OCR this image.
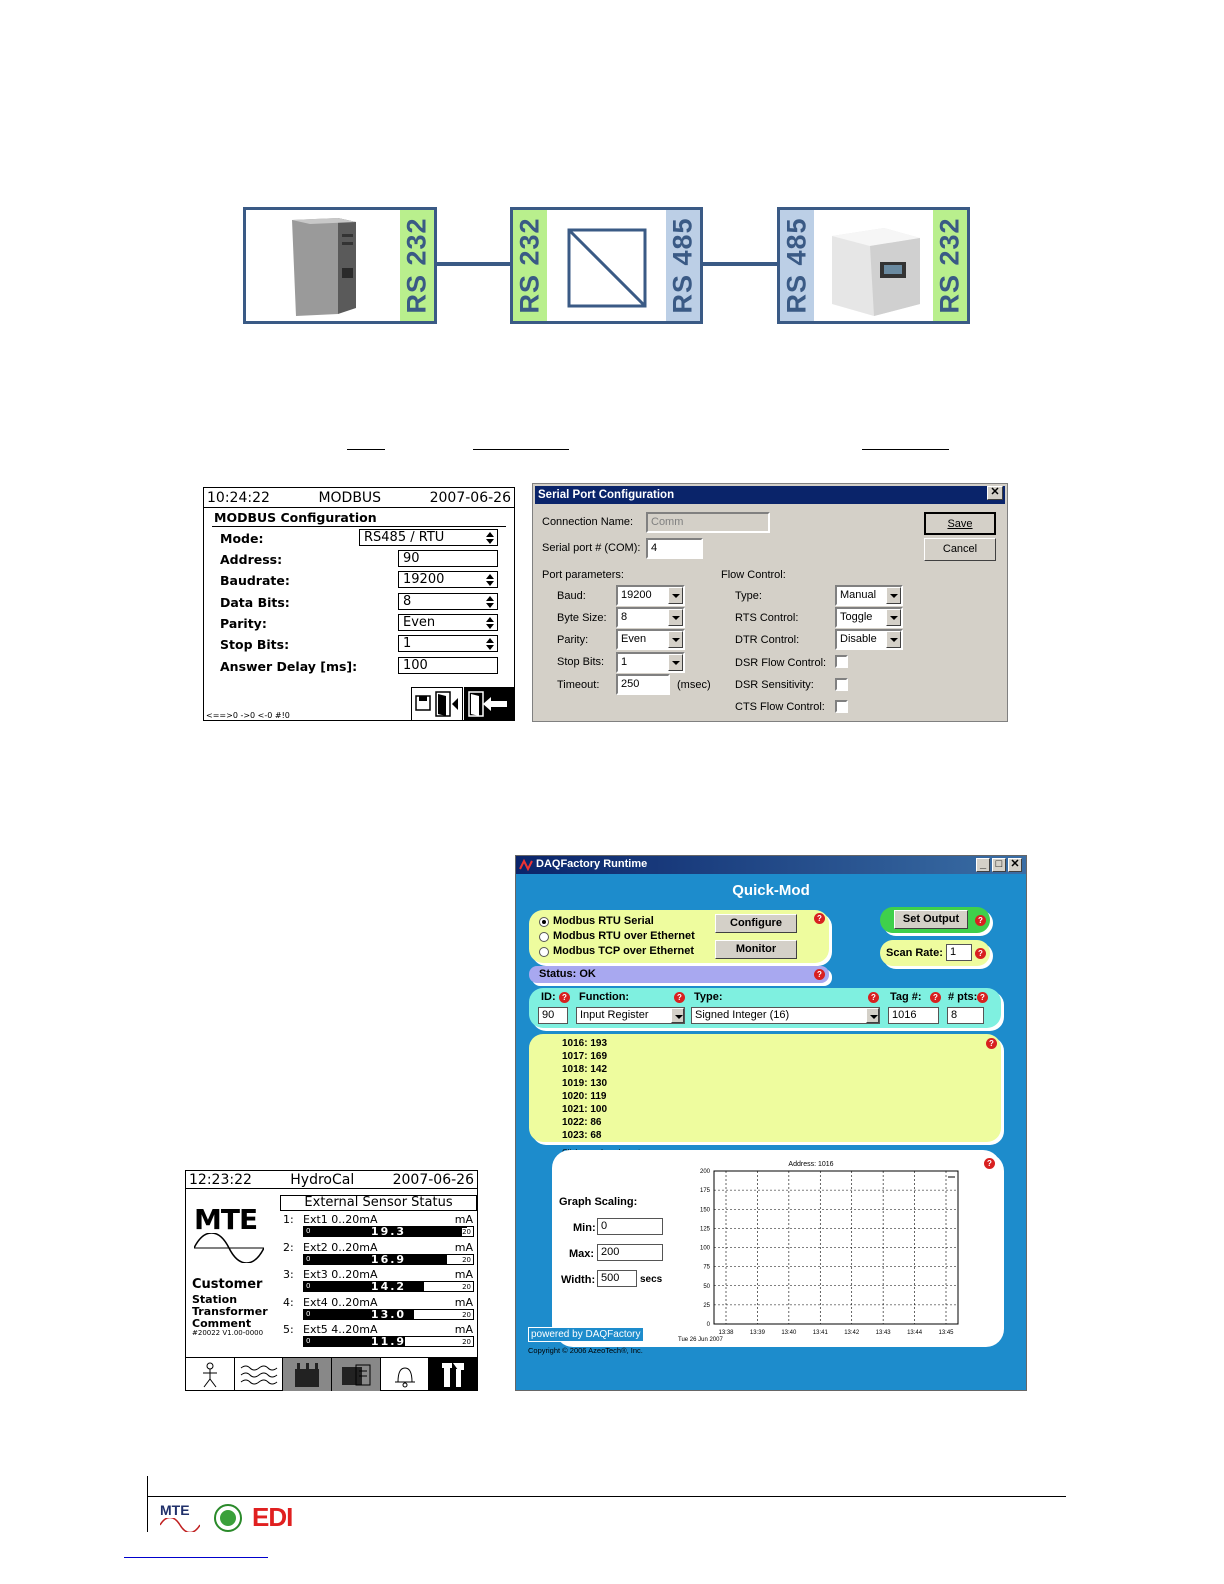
RS 232	RS 232	RS 485	RS 485	RS 232
10:24:22	MODBUS	2007-06-26
MODBUS Configuration
Mode:	RS485 / RTU
Address:	90
Baudrate:	19200
Data Bits:	8
Parity:	Even
Stop Bits:	1
Answer Delay [ms]:	100
<==>0 ->0 <-0 #!0
Serial Port Configuration	✕
Connection Name:	Comm
Serial port # (COM): 4
Save
Cancel
Port parameters:	Flow Control:
Baud:	19200
Byte Size:	8
Parity:	Even
Stop Bits:	1
Timeout:	250	(msec)
Type:	Manual
RTS Control:	Toggle
DTR Control:	Disable
DSR Flow Control:
DSR Sensitivity:
CTS Flow Control:
12:23:22	HydroCal	2007-06-26
MTE
Customer
Station
Transformer
Comment
#20022 V1.00-0000
External Sensor Status
1: Ext1 0..20mA	mA
0	19.3	20
2: Ext2 0..20mA	mA
0	16.9	20
3: Ext3 0..20mA	mA
0	14.2	20
4: Ext4 0..20mA	mA
0	13.0	20
5: Ext5 4..20mA	mA
0	11.9	20
DAQFactory Runtime	_ □ ✕
Quick-Mod
Modbus RTU Serial
Modbus RTU over Ethernet
Modbus TCP over Ethernet
Configure
Monitor
?	Set Output	?
Scan Rate: 1	?
Status: OK	?
ID: ?
90
Function:	?
Input Register
Type:	?
Signed Integer (16)
Tag #:	?
1016
# pts: ?
8
1016: 193
1017: 169
1018: 142
1019: 130
1020: 119
1021: 100
1022: 86
1023: 68
?
?
Graph Scaling:
Min: 0
Max: 200
Width: 500	secs
200
175
150
125
100
75
50
25
0
13:38	13:39	13:40	13:41	13:42	13:43	13:44	13:45
Address: 1016
Tue 26 Jun 2007
powered by DAQFactory
Copyright © 2006 AzeoTech®, Inc.
MTE	EDI
